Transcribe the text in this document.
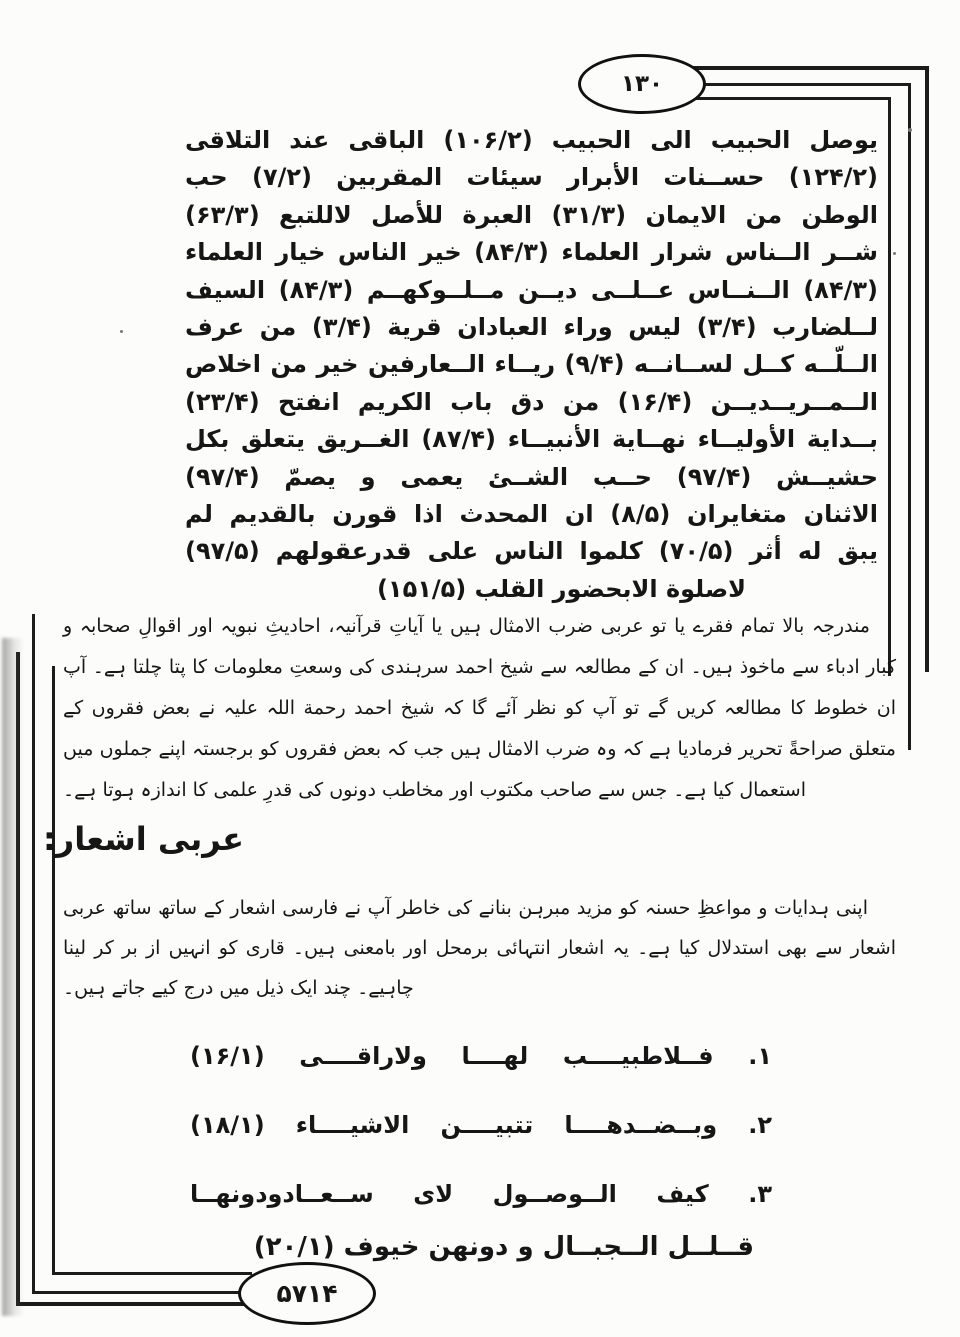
۱۳۰
۵۷۱۴
يوصل الحبيب الى الحبيب (۱۰۶/۲) الباقى عند التلاقى
(۱۲۴/۲) حســنات الأبرار سيئات المقربين (۷/۲) حب
الوطن من الايمان (۳۱/۳) العبرة للأصل لاللتبع (۶۳/۳)
شــر الــناس شرار العلماء (۸۴/۳) خير الناس خيار العلماء
(۸۴/۳) الــنــاس عــلــى ديــن مــلــوكهــم (۸۴/۳) السيف
لــلضارب (۳/۴) ليس وراء العبادان قرية (۳/۴) من عرف
الــلّــه كــل لســانــه (۹/۴) ريــاء الــعارفين خير من اخلاص
الــمــريــديــن (۱۶/۴) من دق باب الكريم انفتح (۲۳/۴)
بــداية الأوليــاء نهــاية الأنبيــاء (۸۷/۴) الغــريق يتعلق بكل
حشيــش (۹۷/۴) حــب الشــئ يعمى و يصمّ (۹۷/۴)
الاثنان متغايران (۸/۵) ان المحدث اذا قورن بالقديم لم
يبق له أثر (۷۰/۵) كلموا الناس على قدرعقولهم (۹۷/۵)
لاصلوة الابحضور القلب (۱۵۱/۵)
مندرجہ بالا تمام فقرے یا تو عربی ضرب الامثال ہیں یا آیاتِ قرآنیہ، احادیثِ نبویہ اور اقوالِ صحابہ و کبار ادباء سے ماخوذ ہیں۔ ان کے مطالعہ سے شیخ احمد سرہندی کی وسعتِ معلومات کا پتا چلتا ہے۔ آپ ان خطوط کا مطالعہ کریں گے تو آپ کو نظر آئے گا کہ شیخ احمد رحمة اللہ علیہ نے بعض فقروں کے متعلق صراحةً تحریر فرمادیا ہے کہ وہ ضرب الامثال ہیں جب کہ بعض فقروں کو برجستہ اپنے جملوں میں استعمال کیا ہے۔ جس سے صاحب مکتوب اور مخاطب دونوں کی قدرِ علمی کا اندازہ ہوتا ہے۔
عربی اشعار:
اپنی ہدایات و مواعظِ حسنہ کو مزید مبرہن بنانے کی خاطر آپ نے فارسی اشعار کے ساتھ ساتھ عربی اشعار سے بھی استدلال کیا ہے۔ یہ اشعار انتہائی برمحل اور بامعنی ہیں۔ قاری کو انہیں از بر کر لینا چاہیے۔ چند ایک ذیل میں درج کیے جاتے ہیں۔
۱. فــلاطبيــــب لهــــا ولاراقــــى (۱۶/۱)
۲. وبــضــدهــــا تتبيــــن الاشيــــاء (۱۸/۱)
۳. كيف الــوصــول لاى ســعــادودونهــا
قــلــل الــجبــال و دونهن خيوف (۲۰/۱)
